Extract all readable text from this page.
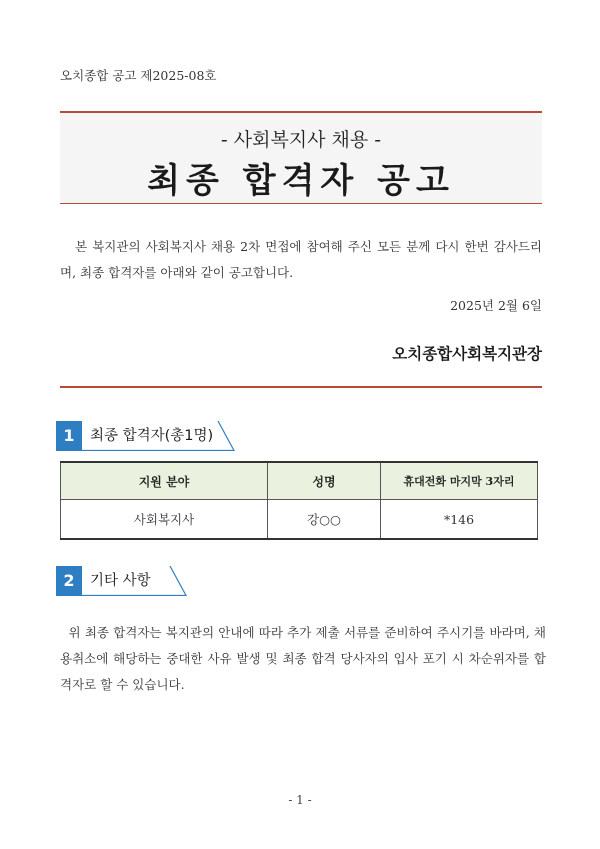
오치종합 공고 제2025-08호
- 사회복지사 채용 -
최종 합격자 공고
본 복지관의 사회복지사 채용 2차 면접에 참여해 주신 모든 분께 다시 한번 감사드리며, 최종 합격자를 아래와 같이 공고합니다.
2025년 2월 6일
오치종합사회복지관장
1	최종 합격자(총1명)
지원 분야	성명	휴대전화 마지막 3자리
사회복지사	강○○	*146
2	기타 사항
위 최종 합격자는 복지관의 안내에 따라 추가 제출 서류를 준비하여 주시기를 바라며, 채용취소에 해당하는 중대한 사유 발생 및 최종 합격 당사자의 입사 포기 시 차순위자를 합격자로 할 수 있습니다.
- 1 -
